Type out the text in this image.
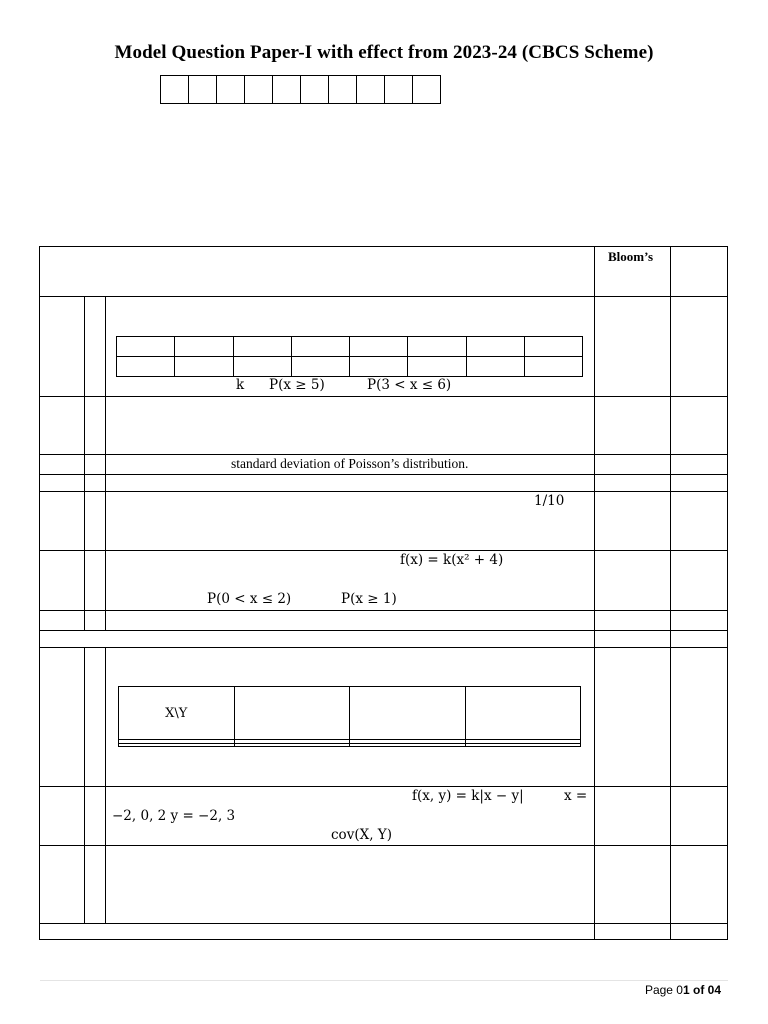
Model Question Paper-I with effect from 2023-24 (CBCS Scheme)
Bloom’s

k P(x ≥ 5)	P(3 < x ≤ 6)
standard deviation of Poisson’s distribution.
1/10
f(x) = k(x² + 4)
P(0 < x ≤ 2)	P(x ≥ 1)
X\Y			

f(x, y) = k|x − y|	x =
−2, 0, 2 y = −2, 3
cov(X, Y)
Page 01 of 04
